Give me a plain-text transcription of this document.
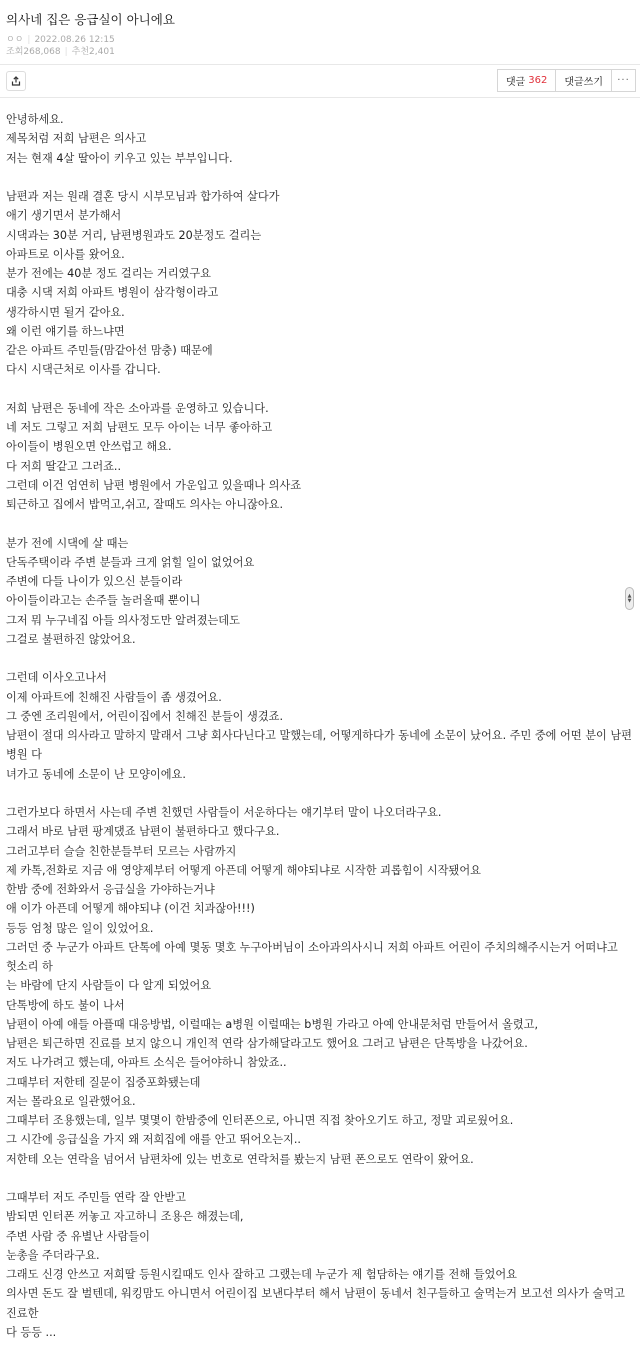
의사네 집은 응급실이 아니에요
ㅇㅇ | 2022.08.26 12:15
조회268,068 | 추천2,401
댓글 362	댓글쓰기	···
안녕하세요.
제목처럼 저희 남편은 의사고
저는 현재 4살 딸아이 키우고 있는 부부입니다.
남편과 저는 원래 결혼 당시 시부모님과 합가하여 살다가
애기 생기면서 분가해서
시댁과는 30분 거리, 남편병원과도 20분정도 걸리는
아파트로 이사를 왔어요.
분가 전에는 40분 정도 걸리는 거리였구요
대충 시댁 저희 아파트 병원이 삼각형이라고
생각하시면 될거 같아요.
왜 이런 얘기를 하느냐면
같은 아파트 주민들(맘같아선 맘충) 때문에
다시 시댁근처로 이사를 갑니다.
저희 남편은 동네에 작은 소아과를 운영하고 있습니다.
네 저도 그렇고 저희 남편도 모두 아이는 너무 좋아하고
아이들이 병원오면 안쓰럽고 해요.
다 저희 딸같고 그러죠..
그런데 이건 엄연히 남편 병원에서 가운입고 있을때나 의사죠
퇴근하고 집에서 밥먹고,쉬고, 잘때도 의사는 아니잖아요.
분가 전에 시댁에 살 때는
단독주택이라 주변 분들과 크게 얽힐 일이 없었어요
주변에 다들 나이가 있으신 분들이라
아이들이라고는 손주들 놀러올때 뿐이니
그저 뭐 누구네집 아들 의사정도만 알려졌는데도
그걸로 불편하진 않았어요.
그런데 이사오고나서
이제 아파트에 친해진 사람들이 좀 생겼어요.
그 중엔 조리원에서, 어린이집에서 친해진 분들이 생겼죠.
남편이 절대 의사라고 말하지 말래서 그냥 회사다닌다고 말했는데, 어떻게하다가 동네에 소문이 났어요. 주민 중에 어떤 분이 남편 병원 다
녀가고 동네에 소문이 난 모양이에요.
그런가보다 하면서 사는데 주변 친했던 사람들이 서운하다는 얘기부터 말이 나오더라구요.
그래서 바로 남편 팡계댔죠 남편이 불편하다고 했다구요.
그러고부터 슬슬 친한분들부터 모르는 사람까지
제 카톡,전화로 지금 애 영양제부터 어떻게 아픈데 어떻게 해야되냐로 시작한 괴롭힘이 시작됐어요
한밤 중에 전화와서 응급실을 가야하는거냐
애 이가 아픈데 어떻게 해야되냐 (이건 치과잖아!!!)
등등 엄청 많은 일이 있었어요.
그러던 중 누군가 아파트 단톡에 아예 몇동 몇호 누구아버님이 소아과의사시니 저희 아파트 어린이 주치의해주시는거 어떠냐고 헛소리 하
는 바람에 단지 사람들이 다 알게 되었어요
단톡방에 하도 불이 나서
남편이 아예 애들 아플때 대응방법, 이럴때는 a병원 이럴때는 b병원 가라고 아예 안내문처럼 만들어서 올렸고,
남편은 퇴근하면 진료를 보지 않으니 개인적 연락 삼가해달라고도 했어요 그러고 남편은 단톡방을 나갔어요.
저도 나가려고 했는데, 아파트 소식은 들어야하니 참았죠..
그때부터 저한테 질문이 집중포화됐는데
저는 몰라요로 일관했어요.
그때부터 조용했는데, 일부 몇몇이 한밤중에 인터폰으로, 아니면 직접 찾아오기도 하고, 정말 괴로웠어요.
그 시간에 응급실을 가지 왜 저희집에 애를 안고 뛰어오는지..
저한테 오는 연락을 넘어서 남편차에 있는 번호로 연락처를 봤는지 남편 폰으로도 연락이 왔어요.
그때부터 저도 주민들 연락 잘 안받고
밤되면 인터폰 꺼놓고 자고하니 조용은 해졌는데,
주변 사람 중 유별난 사람들이
눈총을 주더라구요.
그래도 신경 안쓰고 저희딸 등원시킬때도 인사 잘하고 그랬는데 누군가 제 험담하는 얘기를 전해 들었어요
의사면 돈도 잘 벌텐데, 워킹맘도 아니면서 어린이집 보낸다부터 해서 남편이 동네서 친구들하고 술먹는거 보고선 의사가 술먹고 진료한
다 등등 ...
▲
▼
